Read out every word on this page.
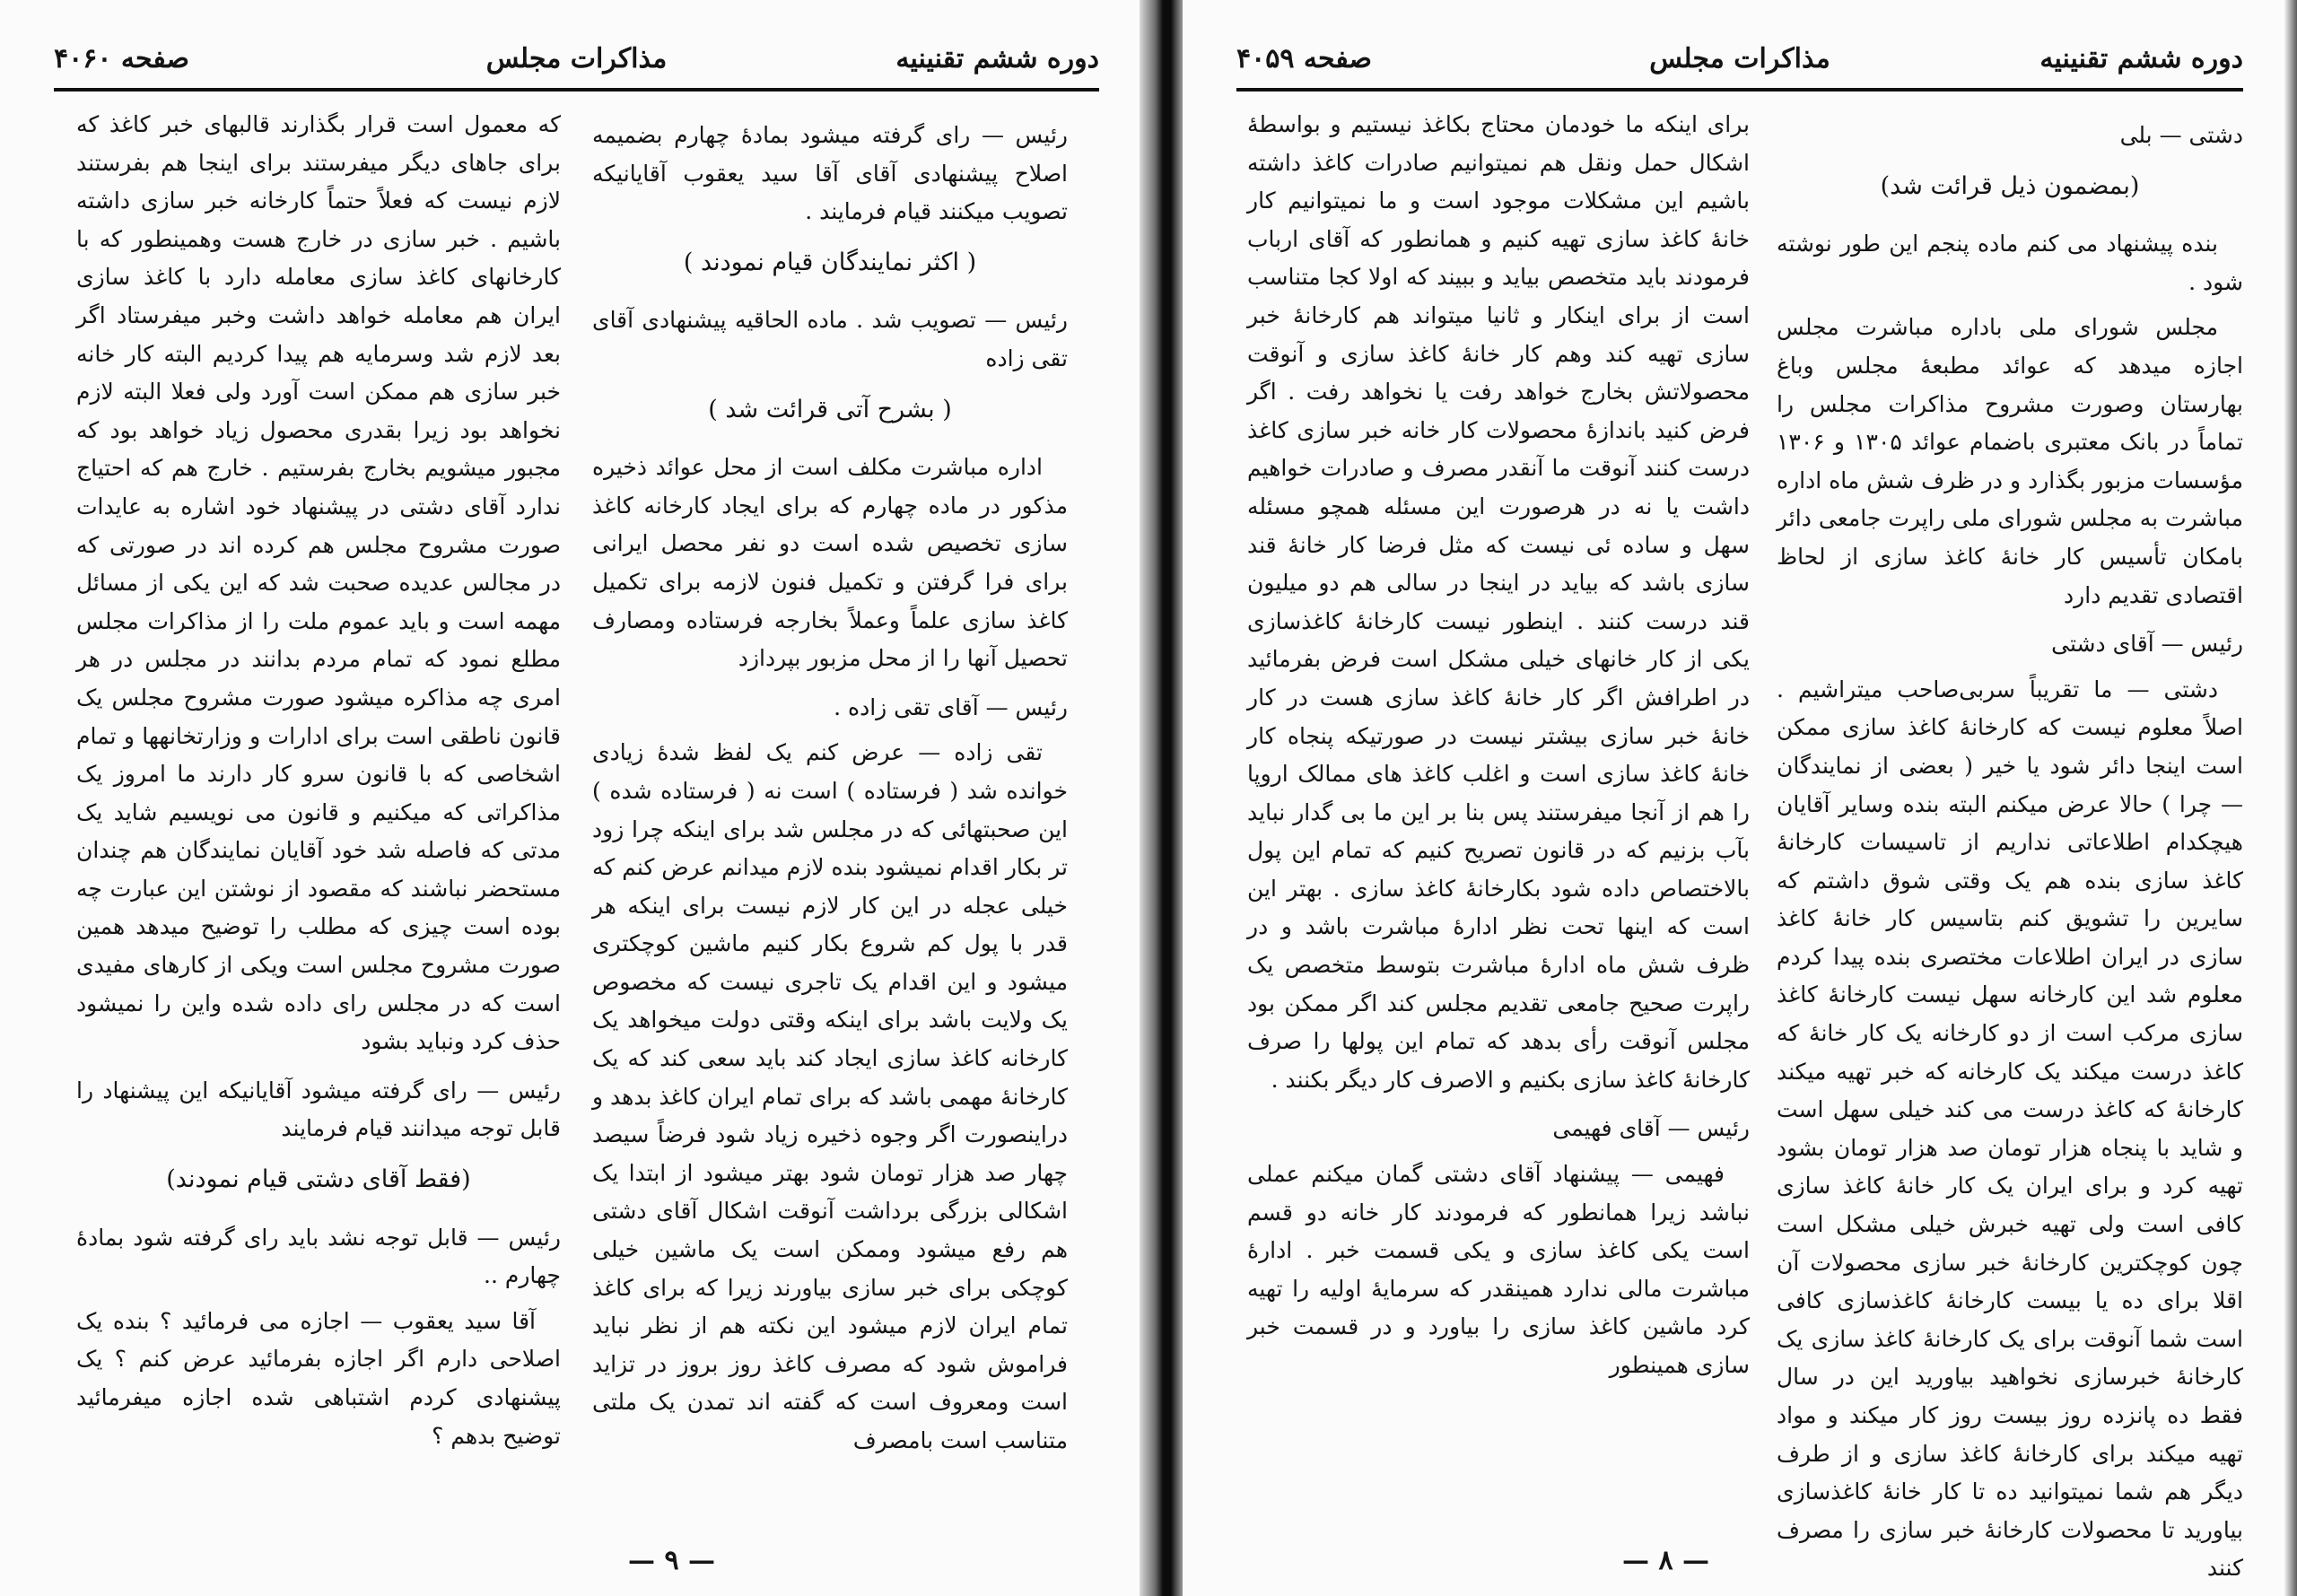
دوره ششم تقنینیه
مذاکرات مجلس
صفحه ۴۰۶۰

رئیس — رای گرفته میشود بمادهٔ چهارم بضمیمه اصلاح پیشنهادی آقای آقا سید یعقوب آقایانیکه تصویب میکنند قیام فرمایند .

( اکثر نمایندگان قیام نمودند )

رئیس — تصویب شد . ماده الحاقیه پیشنهادی آقای تقی زاده

( بشرح آتی قرائت شد )

اداره مباشرت مکلف است از محل عوائد ذخیره مذکور در ماده چهارم که برای ایجاد کارخانه کاغذ سازی تخصیص شده است دو نفر محصل ایرانی برای فرا گرفتن و تکمیل فنون لازمه برای تکمیل کاغذ سازی علماً وعملاً بخارجه فرستاده ومصارف تحصیل آنها را از محل مزبور بپردازد

رئیس — آقای تقی زاده .

تقی زاده — عرض کنم یک لفظ شدهٔ زیادی خوانده شد ( فرستاده ) است نه ( فرستاده شده ) این صحبتهائی که در مجلس شد برای اینکه چرا زود تر بکار اقدام نمیشود بنده لازم میدانم عرض کنم که خیلی عجله در این کار لازم نیست برای اینکه هر قدر با پول کم شروع بکار کنیم ماشین کوچکتری میشود و این اقدام یک تاجری نیست که مخصوص یک ولایت باشد برای اینکه وقتی دولت میخواهد یک کارخانه کاغذ سازی ایجاد کند باید سعی کند که یک کارخانهٔ مهمی باشد که برای تمام ایران کاغذ بدهد و دراینصورت اگر وجوه ذخیره زیاد شود فرضاً سیصد چهار صد هزار تومان شود بهتر میشود از ابتدا یک اشکالی بزرگی برداشت آنوقت اشکال آقای دشتی هم رفع میشود وممکن است یک ماشین خیلی کوچکی برای خبر سازی بیاورند زیرا که برای کاغذ تمام ایران لازم میشود این نکته هم از نظر نباید فراموش شود که مصرف کاغذ روز بروز در تزاید است ومعروف است که گفته اند تمدن یک ملتی متناسب است بامصرف

که معمول است قرار بگذارند قالبهای خبر کاغذ که برای جاهای دیگر میفرستند برای اینجا هم بفرستند لازم نیست که فعلاً حتماً کارخانه خبر سازی داشته باشیم . خبر سازی در خارج هست وهمینطور که با کارخانهای کاغذ سازی معامله دارد با کاغذ سازی ایران هم معامله خواهد داشت وخبر میفرستاد اگر بعد لازم شد وسرمایه هم پیدا کردیم البته کار خانه خبر سازی هم ممکن است آورد ولی فعلا البته لازم نخواهد بود زیرا بقدری محصول زیاد خواهد بود که مجبور میشویم بخارج بفرستیم . خارج هم که احتیاج ندارد آقای دشتی در پیشنهاد خود اشاره به عایدات صورت مشروح مجلس هم کرده اند در صورتی که در مجالس عدیده صحبت شد که این یکی از مسائل مهمه است و باید عموم ملت را از مذاکرات مجلس مطلع نمود که تمام مردم بدانند در مجلس در هر امری چه مذاکره میشود صورت مشروح مجلس یک قانون ناطقی است برای ادارات و وزارتخانهها و تمام اشخاصی که با قانون سرو کار دارند ما امروز یک مذاکراتی که میکنیم و قانون می نویسیم شاید یک مدتی که فاصله شد خود آقایان نمایندگان هم چندان مستحضر نباشند که مقصود از نوشتن این عبارت چه بوده است چیزی که مطلب را توضیح میدهد همین صورت مشروح مجلس است ویکی از کارهای مفیدی است که در مجلس رای داده شده واین را نمیشود حذف کرد ونباید بشود

رئیس — رای گرفته میشود آقایانیکه این پیشنهاد را قابل توجه میدانند قیام فرمایند

(فقط آقای دشتی قیام نمودند)

رئیس — قابل توجه نشد باید رای گرفته شود بمادهٔ چهارم ..

آقا سید یعقوب — اجازه می فرمائید ؟ بنده یک اصلاحی دارم اگر اجازه بفرمائید عرض کنم ؟ یک پیشنهادی کردم اشتباهی شده اجازه میفرمائید توضیح بدهم ؟

— ۹ —
دوره ششم تقنینیه
مذاکرات مجلس
صفحه ۴۰۵۹

دشتی — بلی

(بمضمون ذیل قرائت شد)

بنده پیشنهاد می کنم ماده پنجم این طور نوشته شود .

مجلس شورای ملی باداره مباشرت مجلس اجازه میدهد که عوائد مطبعهٔ مجلس وباغ بهارستان وصورت مشروح مذاکرات مجلس را تماماً در بانک معتبری باضمام عوائد ۱۳۰۵ و ۱۳۰۶ مؤسسات مزبور بگذارد و در ظرف شش ماه اداره مباشرت به مجلس شورای ملی راپرت جامعی دائر بامکان تأسیس کار خانهٔ کاغذ سازی از لحاظ اقتصادی تقدیم دارد

رئیس — آقای دشتی

دشتی — ما تقریباً سربی‌صاحب میتراشیم . اصلاً معلوم نیست که کارخانهٔ کاغذ سازی ممکن است اینجا دائر شود یا خیر ( بعضی از نمایندگان — چرا ) حالا عرض میکنم البته بنده وسایر آقایان هیچکدام اطلاعاتی نداریم از تاسیسات کارخانهٔ کاغذ سازی بنده هم یک وقتی شوق داشتم که سایرین را تشویق کنم بتاسیس کار خانهٔ کاغذ سازی در ایران اطلاعات مختصری بنده پیدا کردم معلوم شد این کارخانه سهل نیست کارخانهٔ کاغذ سازی مرکب است از دو کارخانه یک کار خانهٔ که کاغذ درست میکند یک کارخانه که خبر تهیه میکند کارخانهٔ که کاغذ درست می کند خیلی سهل است و شاید با پنجاه هزار تومان صد هزار تومان بشود تهیه کرد و برای ایران یک کار خانهٔ کاغذ سازی کافی است ولی تهیه خبرش خیلی مشکل است چون کوچکترین کارخانهٔ خبر سازی محصولات آن اقلا برای ده یا بیست کارخانهٔ کاغذسازی کافی است شما آنوقت برای یک کارخانهٔ کاغذ سازی یک کارخانهٔ خبرسازی نخواهید بیاورید این در سال فقط ده پانزده روز بیست روز کار میکند و مواد تهیه میکند برای کارخانهٔ کاغذ سازی و از طرف دیگر هم شما نمیتوانید ده تا کار خانهٔ کاغذسازی بیاورید تا محصولات کارخانهٔ خبر سازی را مصرف کنند

برای اینکه ما خودمان محتاج بکاغذ نیستیم و بواسطهٔ اشکال حمل ونقل هم نمیتوانیم صادرات کاغذ داشته باشیم این مشکلات موجود است و ما نمیتوانیم کار خانهٔ کاغذ سازی تهیه کنیم و همانطور که آقای ارباب فرمودند باید متخصص بیاید و ببیند که اولا کجا متناسب است از برای اینکار و ثانیا میتواند هم کارخانهٔ خبر سازی تهیه کند وهم کار خانهٔ کاغذ سازی و آنوقت محصولاتش بخارج خواهد رفت یا نخواهد رفت . اگر فرض کنید باندازهٔ محصولات کار خانه خبر سازی کاغذ درست کنند آنوقت ما آنقدر مصرف و صادرات خواهیم داشت یا نه در هرصورت این مسئله همچو مسئله سهل و ساده ئی نیست که مثل فرضا کار خانهٔ قند سازی باشد که بیاید در اینجا در سالی هم دو میلیون قند درست کنند . اینطور نیست کارخانهٔ کاغذسازی یکی از کار خانهای خیلی مشکل است فرض بفرمائید در اطرافش اگر کار خانهٔ کاغذ سازی هست در کار خانهٔ خبر سازی بیشتر نیست در صورتیکه پنجاه کار خانهٔ کاغذ سازی است و اغلب کاغذ های ممالک اروپا را هم از آنجا میفرستند پس بنا بر این ما بی گدار نباید بآب بزنیم که در قانون تصریح کنیم که تمام این پول بالاختصاص داده شود بکارخانهٔ کاغذ سازی . بهتر این است که اینها تحت نظر ادارهٔ مباشرت باشد و در ظرف شش ماه ادارهٔ مباشرت بتوسط متخصص یک راپرت صحیح جامعی تقدیم مجلس کند اگر ممکن بود مجلس آنوقت رأی بدهد که تمام این پولها را صرف کارخانهٔ کاغذ سازی بکنیم و الاصرف کار دیگر بکنند .

رئیس — آقای فهیمی

فهیمی — پیشنهاد آقای دشتی گمان میکنم عملی نباشد زیرا همانطور که فرمودند کار خانه دو قسم است یکی کاغذ سازی و یکی قسمت خبر . ادارهٔ مباشرت مالی ندارد همینقدر که سرمایهٔ اولیه را تهیه کرد ماشین کاغذ سازی را بیاورد و در قسمت خبر سازی همینطور

— ۸ —
